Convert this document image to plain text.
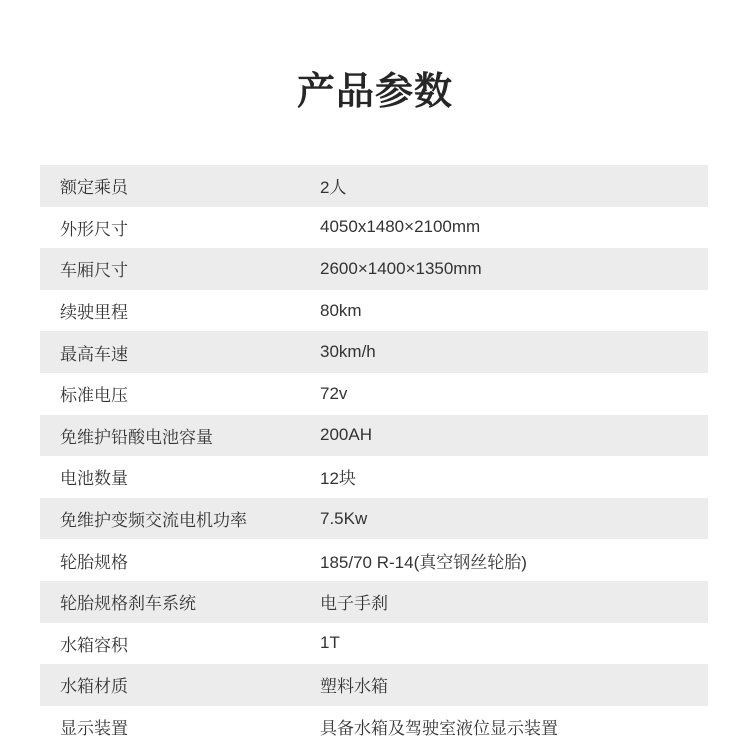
产品参数
额定乘员	2人
外形尺寸	4050x1480×2100mm
车厢尺寸	2600×1400×1350mm
续驶里程	80km
最高车速	30km/h
标准电压	72v
免维护铅酸电池容量	200AH
电池数量	12块
免维护变频交流电机功率	7.5Kw
轮胎规格	185/70 R-14(真空钢丝轮胎)
轮胎规格刹车系统	电子手刹
水箱容积	1T
水箱材质	塑料水箱
显示装置	具备水箱及驾驶室液位显示装置
